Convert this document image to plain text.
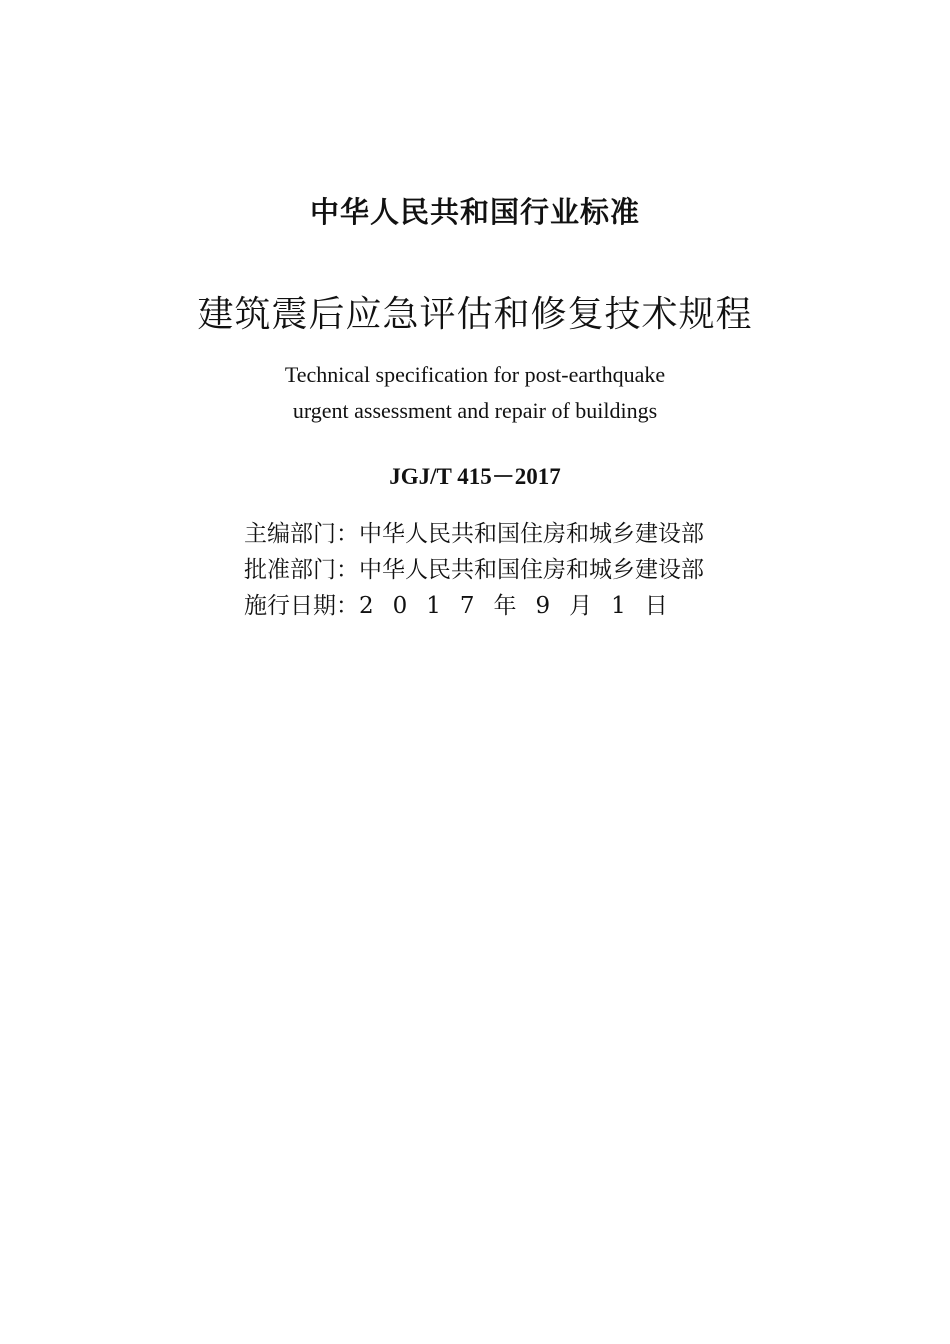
中华人民共和国行业标准
建筑震后应急评估和修复技术规程
Technical specification for post-earthquake
urgent assessment and repair of buildings
JGJ/T 415－2017
主编部门：中华人民共和国住房和城乡建设部
批准部门：中华人民共和国住房和城乡建设部
施行日期：2017年9月1日
